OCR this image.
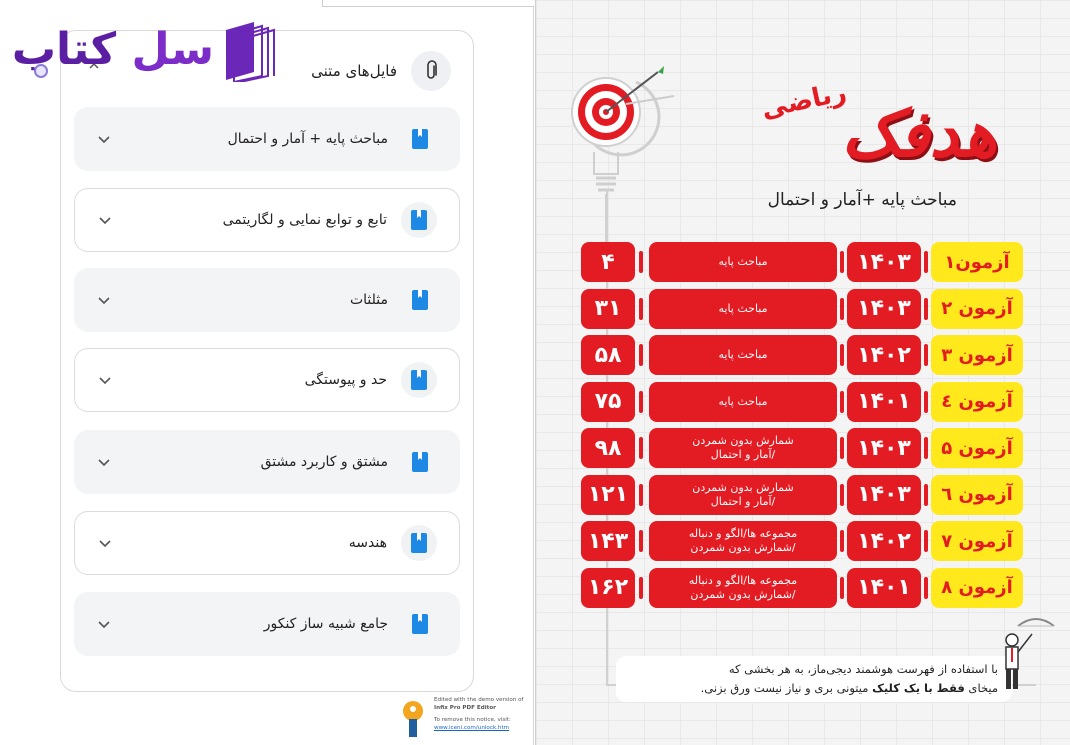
فایل‌های متنی
مباحث پایه + آمار و احتمال
تابع و توابع نمایی و لگاریتمی
مثلثات
حد و پیوستگی
مشتق و کاربرد مشتق
هندسه
جامع شبیه ساز کنکور
سل کتاب
Edited with the demo version of
Infix Pro PDF Editor
To remove this notice, visit:
www.iceni.com/unlock.htm
هدفک
ریاضی
مباحث پایه +آمار و احتمال
آزمون۱
۱۴۰۳
مباحث پایه
۴
آزمون ۲
۱۴۰۳
مباحث پایه
۳۱
آزمون ۳
۱۴۰۲
مباحث پایه
۵۸
آزمون ٤
۱۴۰۱
مباحث پایه
۷۵
آزمون ۵
۱۴۰۳
شمارش بدون شمردن
/آمار و احتمال
۹۸
آزمون ٦
۱۴۰۳
شمارش بدون شمردن
/آمار و احتمال
۱۲۱
آزمون ۷
۱۴۰۲
مجموعه ها/الگو و دنباله
/شمارش بدون شمردن
۱۴۳
آزمون ۸
۱۴۰۱
مجموعه ها/الگو و دنباله
/شمارش بدون شمردن
۱۶۲
با استفاده از فهرست هوشمند دیجی‌ماز، به هر بخشی که
میخای فقط با یک کلیک میتونی بری و نیاز نیست ورق بزنی.
